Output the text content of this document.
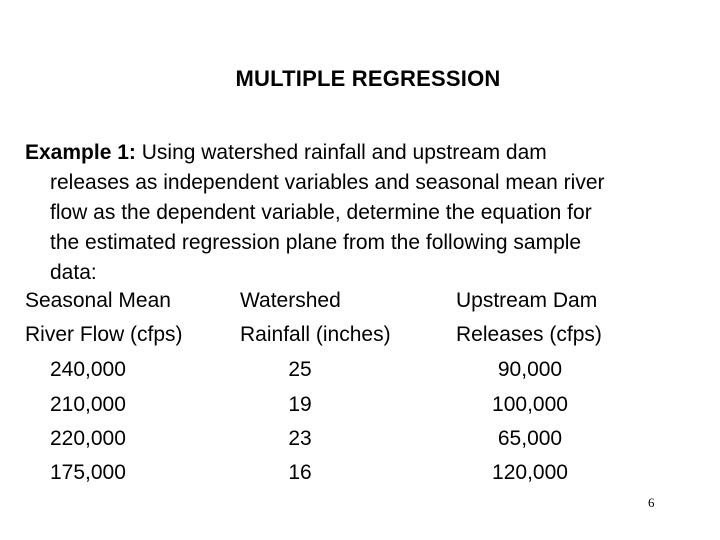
MULTIPLE REGRESSION
Example 1: Using watershed rainfall and upstream dam
releases as independent variables and seasonal mean river
flow as the dependent variable, determine the equation for
the estimated regression plane from the following sample
data:
Seasonal Mean	Watershed	Upstream Dam
River Flow (cfps)	Rainfall (inches)	Releases (cfps)
240,000	25	90,000
210,000	19	100,000
220,000	23	65,000
175,000	16	120,000
6
